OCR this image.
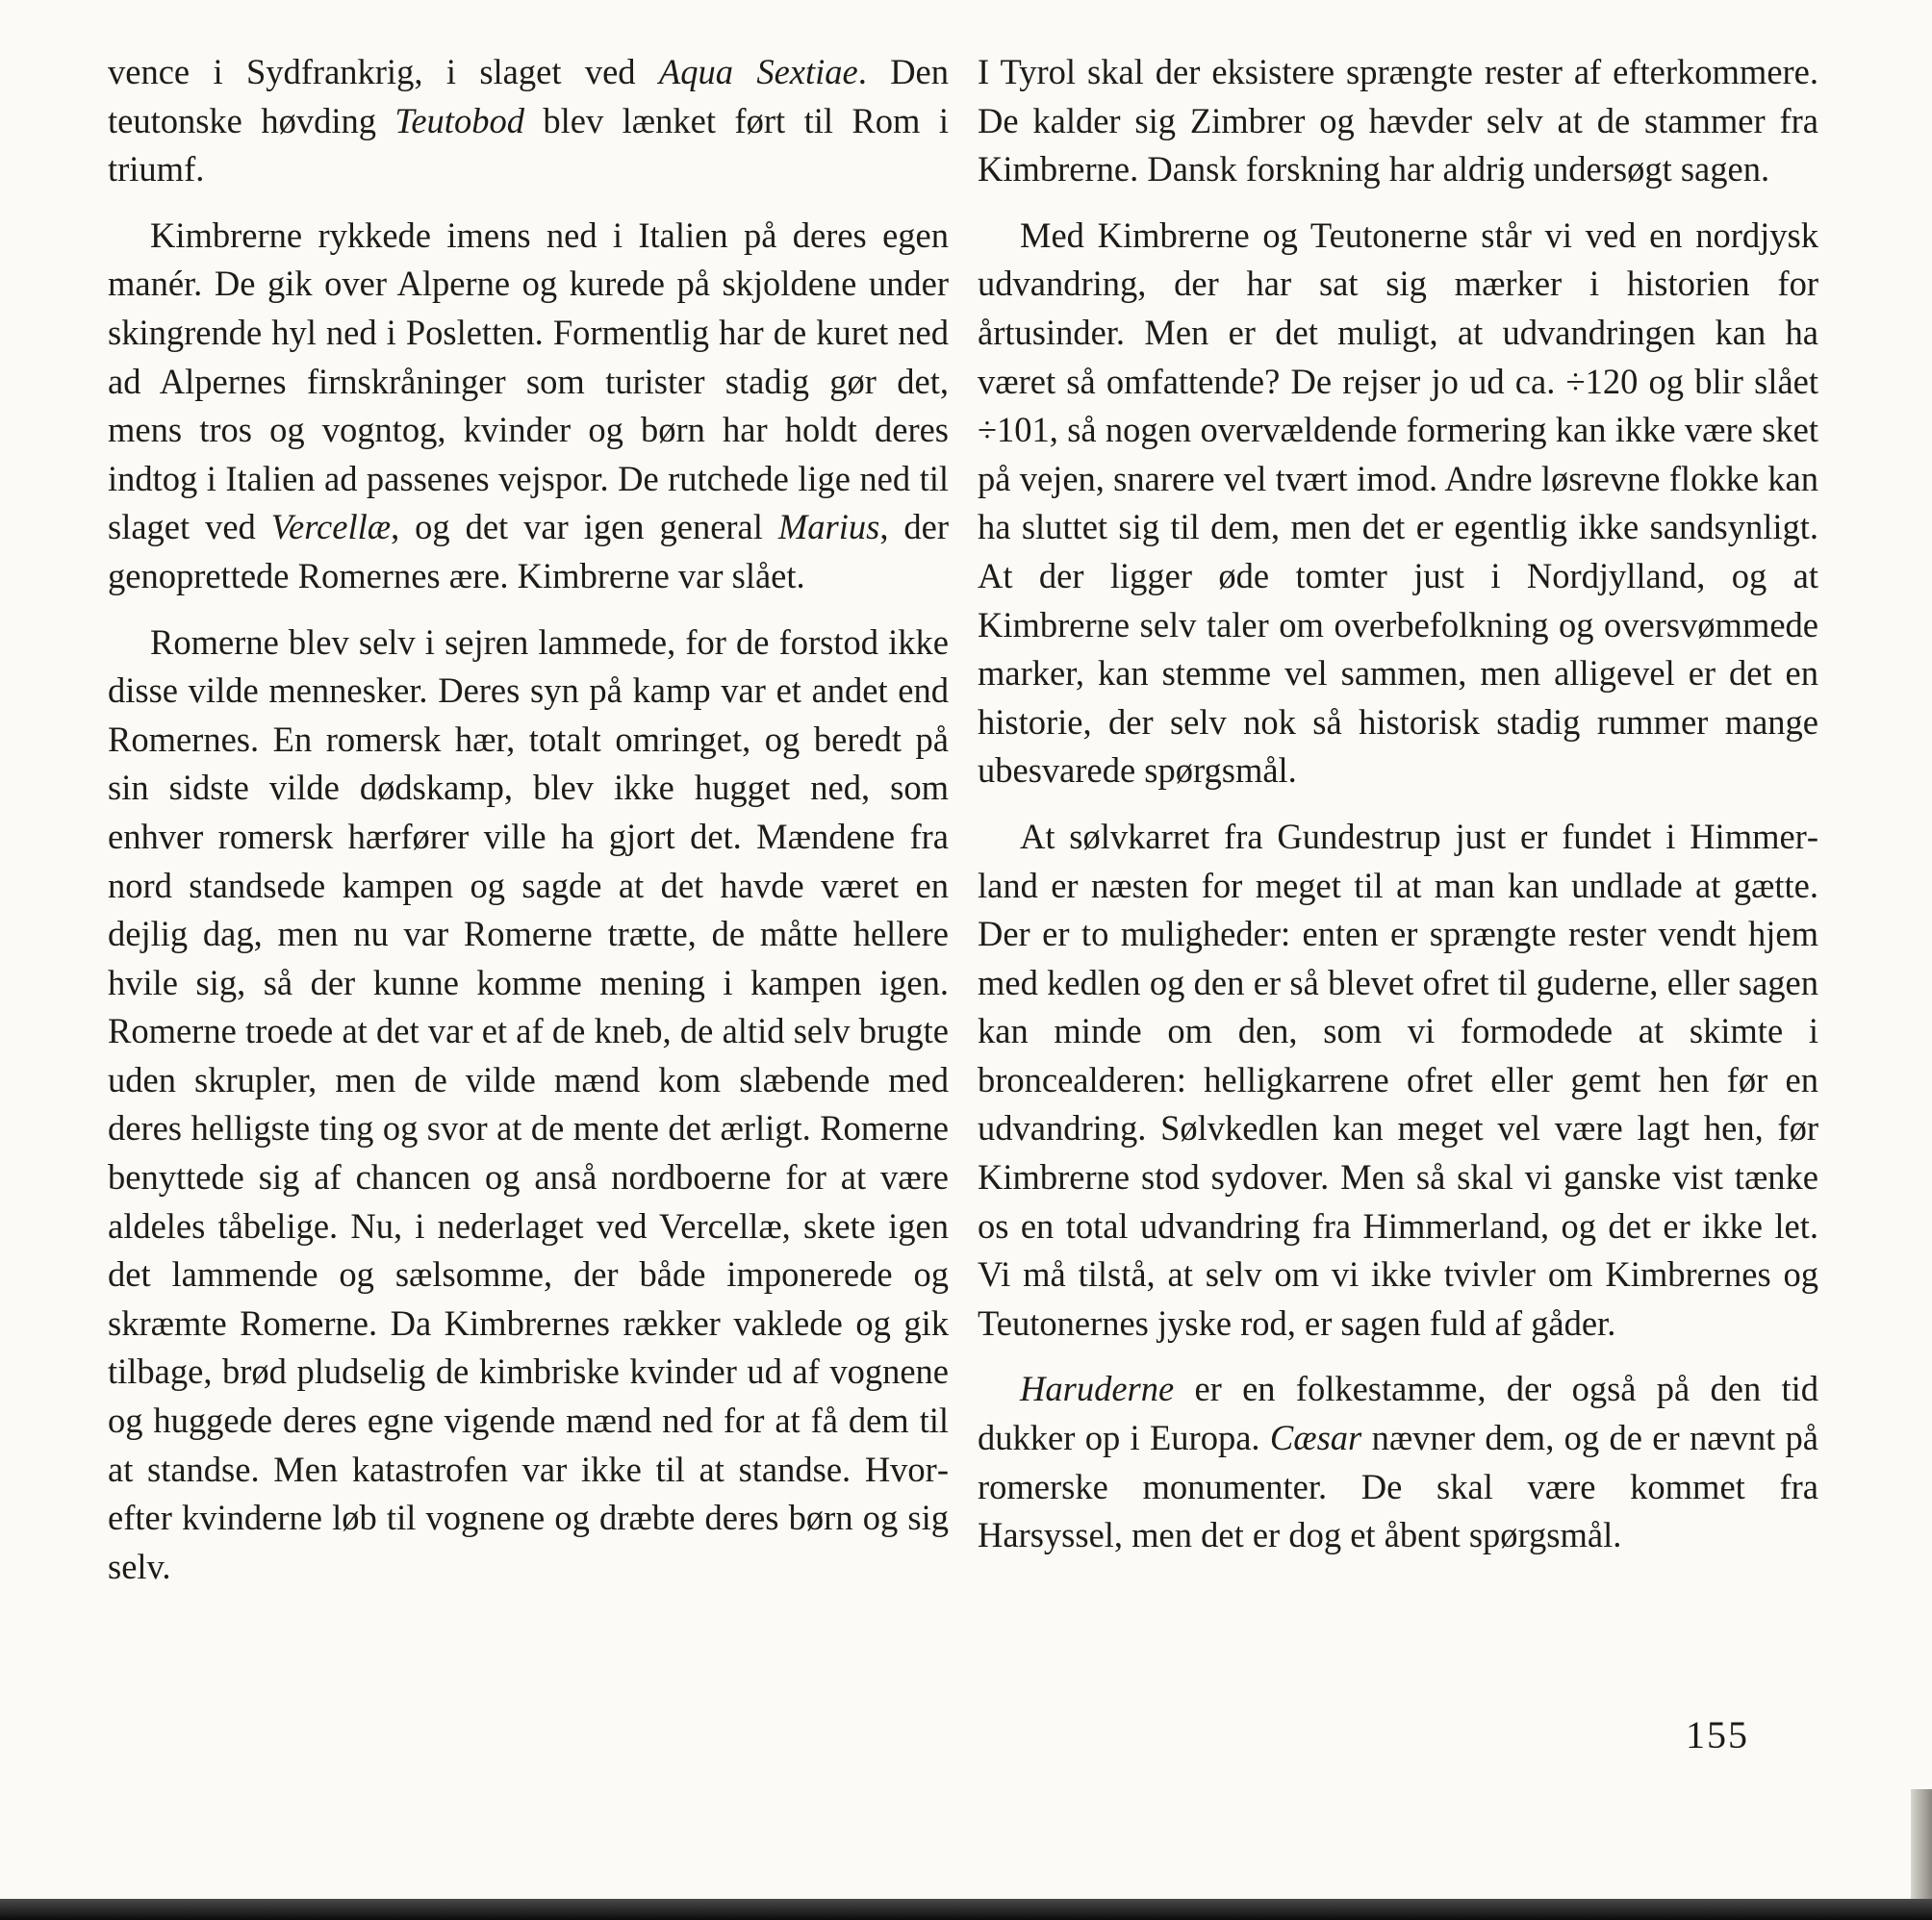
vence i Sydfrankrig, i slaget ved Aqua Sextiae. Den teutonske høvding Teutobod blev lænket ført til Rom i triumf.

Kimbrerne rykkede imens ned i Italien på deres egen manér. De gik over Alperne og kurede på skjoldene under skingrende hyl ned i Posletten. Formentlig har de kuret ned ad Alpernes firnskråninger som turister stadig gør det, mens tros og vogntog, kvinder og børn har holdt deres indtog i Italien ad passenes vejspor. De rutchede lige ned til slaget ved Vercellæ, og det var igen general Marius, der genoprettede Romernes ære. Kimbrerne var slået.

Romerne blev selv i sejren lammede, for de forstod ikke disse vilde mennesker. Deres syn på kamp var et andet end Romernes. En romersk hær, totalt omringet, og beredt på sin sidste vilde dødskamp, blev ikke hugget ned, som enhver romersk hærfører ville ha gjort det. Mændene fra nord standsede kampen og sagde at det havde været en dejlig dag, men nu var Romerne trætte, de måtte hellere hvile sig, så der kunne komme mening i kampen igen. Romerne troede at det var et af de kneb, de altid selv brugte uden skrupler, men de vilde mænd kom slæbende med deres helligste ting og svor at de mente det ærligt. Romerne benyttede sig af chancen og anså nordboerne for at være aldeles tåbelige. Nu, i nederlaget ved Vercellæ, skete igen det lammende og sælsomme, der både imponerede og skræmte Romerne. Da Kimbrernes rækker vaklede og gik tilbage, brød pludselig de kimbriske kvinder ud af vognene og huggede deres egne vigende mænd ned for at få dem til at standse. Men katastrofen var ikke til at standse. Hvorefter kvinderne løb til vognene og dræbte deres børn og sig selv.

I Tyrol skal der eksistere sprængte rester af efterkommere. De kalder sig Zimbrer og hævder selv at de stammer fra Kimbrerne. Dansk forskning har aldrig undersøgt sagen.

Med Kimbrerne og Teutonerne står vi ved en nordjysk udvandring, der har sat sig mærker i historien for årtusinder. Men er det muligt, at udvandringen kan ha været så omfattende? De rejser jo ud ca. ÷120 og blir slået ÷101, så nogen overvældende formering kan ikke være sket på vejen, snarere vel tvært imod. Andre løsrevne flokke kan ha sluttet sig til dem, men det er egentlig ikke sandsynligt. At der ligger øde tomter just i Nordjylland, og at Kimbrerne selv taler om overbefolkning og oversvømmede marker, kan stemme vel sammen, men alligevel er det en historie, der selv nok så historisk stadig rummer mange ubesvarede spørgsmål.

At sølvkarret fra Gundestrup just er fundet i Himmerland er næsten for meget til at man kan undlade at gætte. Der er to muligheder: enten er sprængte rester vendt hjem med kedlen og den er så blevet ofret til guderne, eller sagen kan minde om den, som vi formodede at skimte i broncealderen: helligkarrene ofret eller gemt hen før en udvandring. Sølvkedlen kan meget vel være lagt hen, før Kimbrerne stod sydover. Men så skal vi ganske vist tænke os en total udvandring fra Himmerland, og det er ikke let. Vi må tilstå, at selv om vi ikke tvivler om Kimbrernes og Teutonernes jyske rod, er sagen fuld af gåder.

Haruderne er en folkestamme, der også på den tid dukker op i Europa. Cæsar nævner dem, og de er nævnt på romerske monumenter. De skal være kommet fra Harsyssel, men det er dog et åbent spørgsmål.

155
